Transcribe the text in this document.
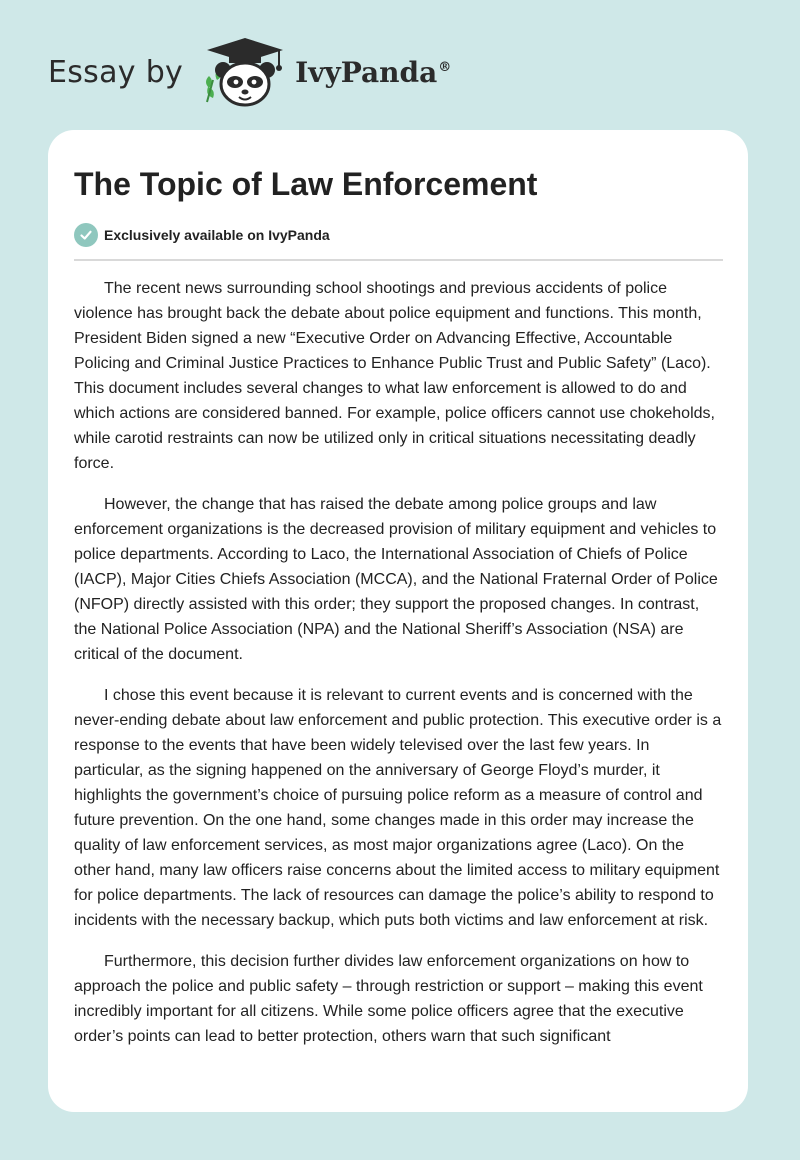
Essay by	IvyPanda®
The Topic of Law Enforcement
Exclusively available on IvyPanda

The recent news surrounding school shootings and previous accidents of police violence has brought back the debate about police equipment and functions. This month, President Biden signed a new “Executive Order on Advancing Effective, Accountable Policing and Criminal Justice Practices to Enhance Public Trust and Public Safety” (Laco). This document includes several changes to what law enforcement is allowed to do and which actions are considered banned. For example, police officers cannot use chokeholds, while carotid restraints can now be utilized only in critical situations necessitating deadly force.

However, the change that has raised the debate among police groups and law enforcement organizations is the decreased provision of military equipment and vehicles to police departments. According to Laco, the International Association of Chiefs of Police (IACP), Major Cities Chiefs Association (MCCA), and the National Fraternal Order of Police (NFOP) directly assisted with this order; they support the proposed changes. In contrast, the National Police Association (NPA) and the National Sheriff’s Association (NSA) are critical of the document.

I chose this event because it is relevant to current events and is concerned with the never-ending debate about law enforcement and public protection. This executive order is a response to the events that have been widely televised over the last few years. In particular, as the signing happened on the anniversary of George Floyd’s murder, it highlights the government’s choice of pursuing police reform as a measure of control and future prevention. On the one hand, some changes made in this order may increase the quality of law enforcement services, as most major organizations agree (Laco). On the other hand, many law officers raise concerns about the limited access to military equipment for police departments. The lack of resources can damage the police’s ability to respond to incidents with the necessary backup, which puts both victims and law enforcement at risk.

Furthermore, this decision further divides law enforcement organizations on how to approach the police and public safety – through restriction or support – making this event incredibly important for all citizens. While some police officers agree that the executive order’s points can lead to better protection, others warn that such significant
